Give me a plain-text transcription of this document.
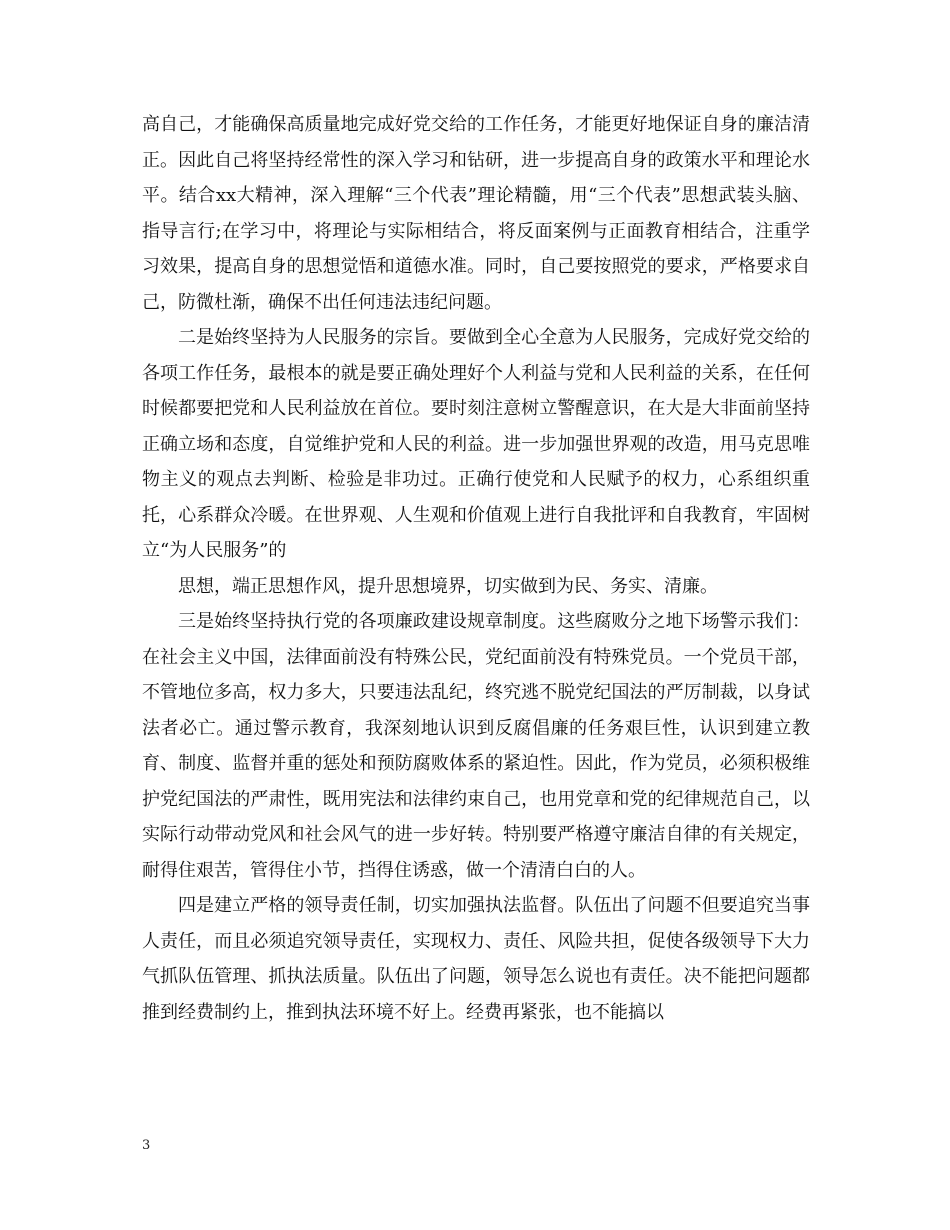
高自己，才能确保高质量地完成好党交给的工作任务，才能更好地保证自身的廉洁清正。因此自己将坚持经常性的深入学习和钻研，进一步提高自身的政策水平和理论水平。结合xx大精神，深入理解“三个代表”理论精髓，用“三个代表”思想武装头脑、指导言行;在学习中，将理论与实际相结合，将反面案例与正面教育相结合，注重学习效果，提高自身的思想觉悟和道德水准。同时，自己要按照党的要求，严格要求自己，防微杜渐，确保不出任何违法违纪问题。

二是始终坚持为人民服务的宗旨。要做到全心全意为人民服务，完成好党交给的各项工作任务，最根本的就是要正确处理好个人利益与党和人民利益的关系，在任何时候都要把党和人民利益放在首位。要时刻注意树立警醒意识，在大是大非面前坚持正确立场和态度，自觉维护党和人民的利益。进一步加强世界观的改造，用马克思唯物主义的观点去判断、检验是非功过。正确行使党和人民赋予的权力，心系组织重托，心系群众冷暖。在世界观、人生观和价值观上进行自我批评和自我教育，牢固树立“为人民服务”的

思想，端正思想作风，提升思想境界，切实做到为民、务实、清廉。

三是始终坚持执行党的各项廉政建设规章制度。这些腐败分之地下场警示我们：在社会主义中国，法律面前没有特殊公民，党纪面前没有特殊党员。一个党员干部，不管地位多高，权力多大，只要违法乱纪，终究逃不脱党纪国法的严厉制裁，以身试法者必亡。通过警示教育，我深刻地认识到反腐倡廉的任务艰巨性，认识到建立教育、制度、监督并重的惩处和预防腐败体系的紧迫性。因此，作为党员，必须积极维护党纪国法的严肃性，既用宪法和法律约束自己，也用党章和党的纪律规范自己，以实际行动带动党风和社会风气的进一步好转。特别要严格遵守廉洁自律的有关规定，耐得住艰苦，管得住小节，挡得住诱惑，做一个清清白白的人。

四是建立严格的领导责任制，切实加强执法监督。队伍出了问题不但要追究当事人责任，而且必须追究领导责任，实现权力、责任、风险共担，促使各级领导下大力气抓队伍管理、抓执法质量。队伍出了问题，领导怎么说也有责任。决不能把问题都推到经费制约上，推到执法环境不好上。经费再紧张，也不能搞以

3
